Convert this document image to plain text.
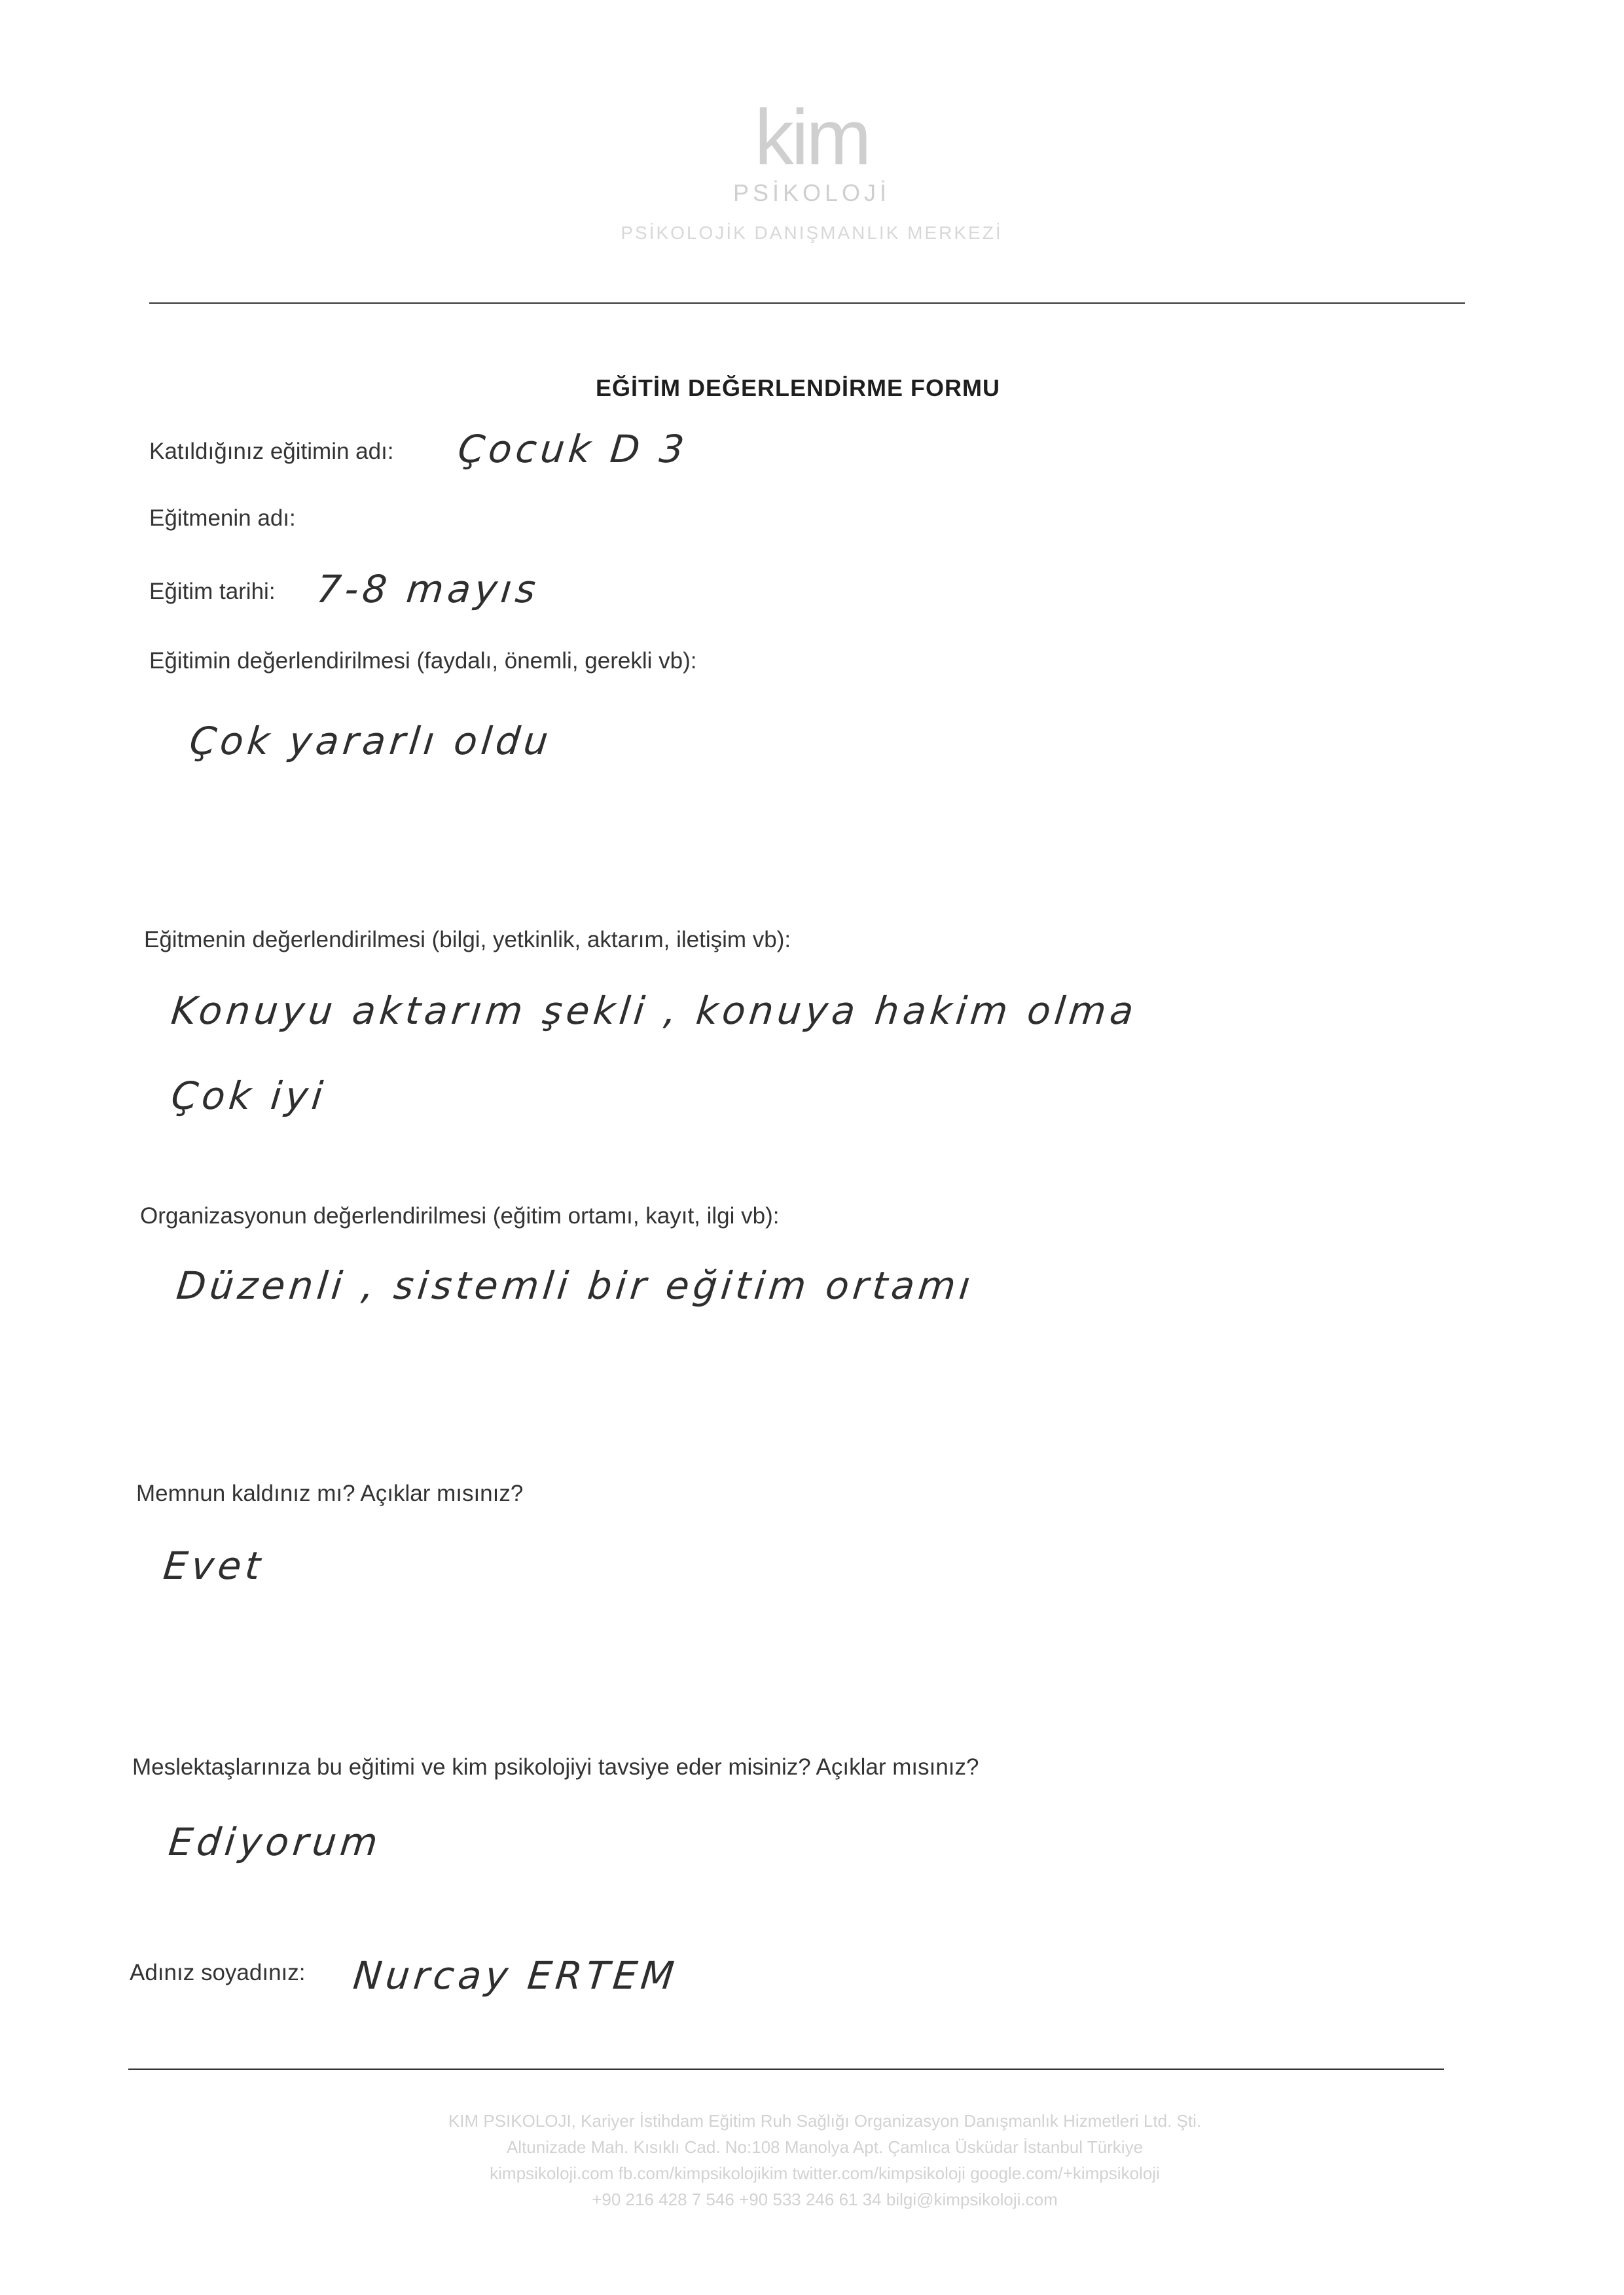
kim
PSİKOLOJİ
PSİKOLOJİK DANIŞMANLIK MERKEZİ
EĞİTİM DEĞERLENDİRME FORMU
Katıldığınız eğitimin adı: Çocuk D 3
Eğitmenin adı:
Eğitim tarihi: 7-8 mayıs
Eğitimin değerlendirilmesi (faydalı, önemli, gerekli vb):
Çok yararlı oldu
Eğitmenin değerlendirilmesi (bilgi, yetkinlik, aktarım, iletişim vb):
Konuyu aktarım şekli , konuya hakim olma
Çok iyi
Organizasyonun değerlendirilmesi (eğitim ortamı, kayıt, ilgi vb):
Düzenli , sistemli bir eğitim ortamı
Memnun kaldınız mı? Açıklar mısınız?
Evet
Meslektaşlarınıza bu eğitimi ve kim psikolojiyi tavsiye eder misiniz? Açıklar mısınız?
Ediyorum
Adınız soyadınız: Nurcay ERTEM
KIM PSIKOLOJI, Kariyer İstihdam Eğitim Ruh Sağlığı Organizasyon Danışmanlık Hizmetleri Ltd. Şti.
Altunizade Mah. Kısıklı Cad. No:108 Manolya Apt. Çamlıca Üsküdar İstanbul Türkiye
kimpsikoloji.com fb.com/kimpsikolojikim twitter.com/kimpsikoloji google.com/+kimpsikoloji
+90 216 428 7 546 +90 533 246 61 34 bilgi@kimpsikoloji.com
